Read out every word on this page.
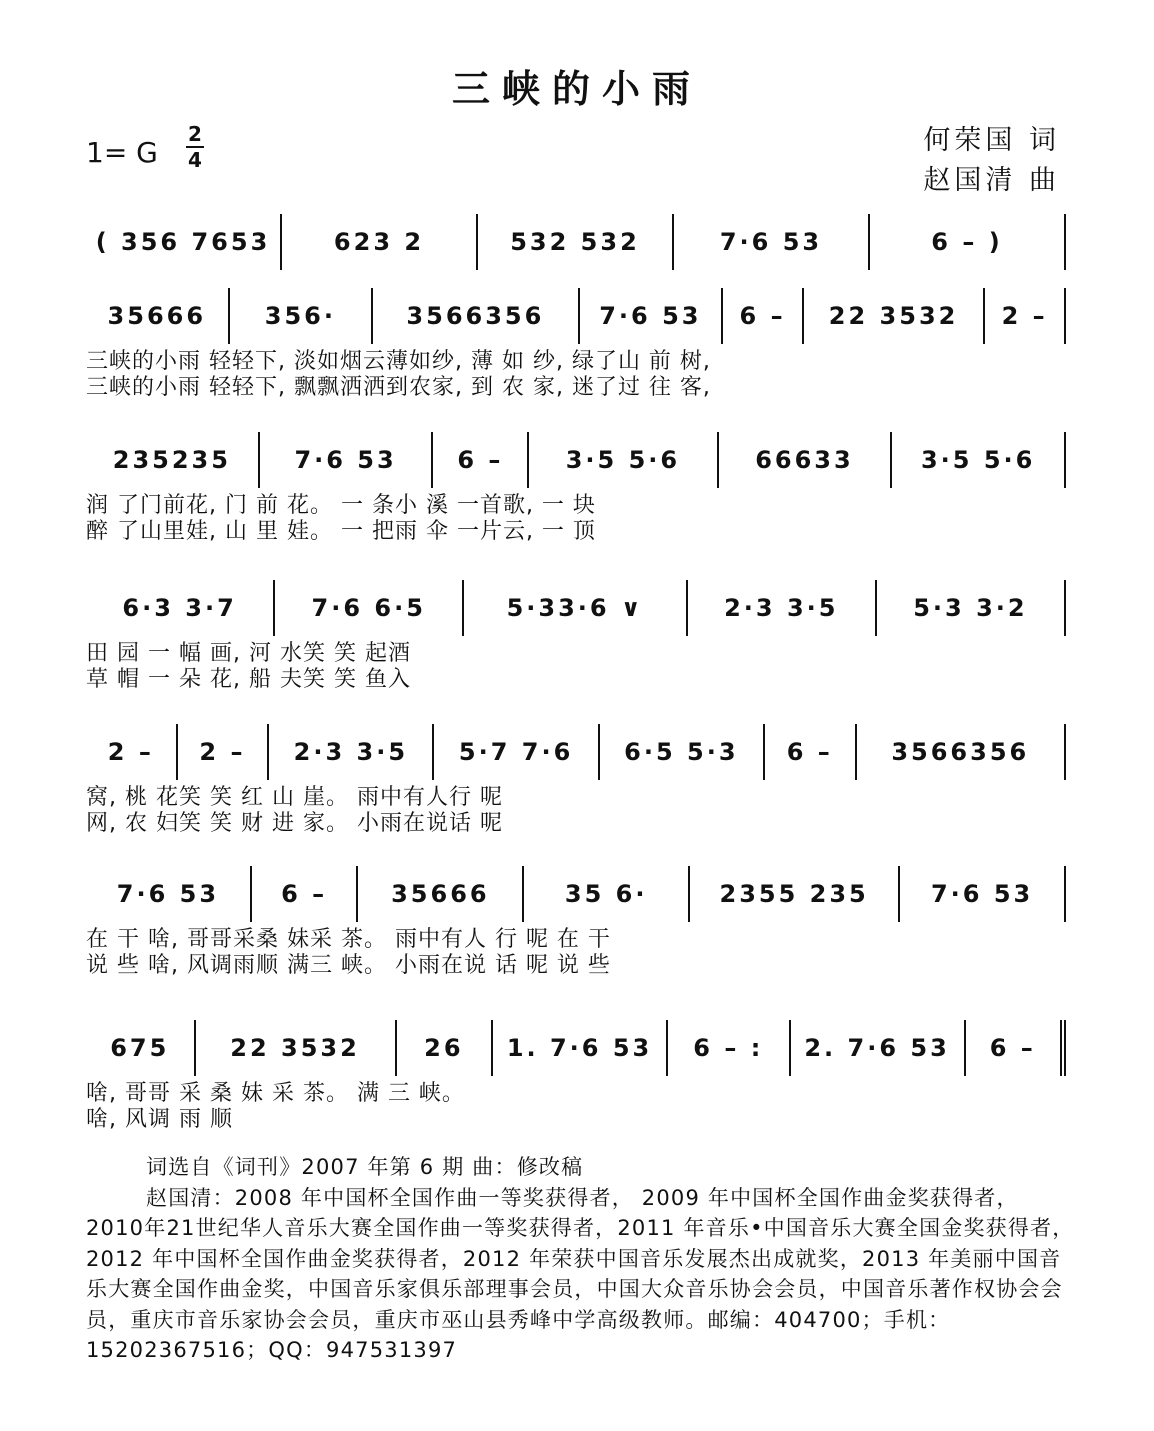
三峡的小雨
1= G
2
4
何荣国 词
赵国清 曲
( 356 7653	623 2	532 532	7·6 53	6 – )
35666	356·	3566356	7·6 53	6 –	22 3532	2 –
三峡的小雨 轻轻下, 淡如烟云薄如纱, 薄 如 纱, 绿了山 前 树,
三峡的小雨 轻轻下, 飘飘洒洒到农家, 到 农 家, 迷了过 往 客,
235235	7·6 53	6 –	3·5 5·6	66633	3·5 5·6
润 了门前花, 门 前 花。 一 条小 溪 一首歌, 一 块
醉 了山里娃, 山 里 娃。 一 把雨 伞 一片云, 一 顶
6·3 3·7	7·6 6·5	5·33·6 ∨	2·3 3·5	5·3 3·2
田 园 一 幅 画, 河 水笑 笑 起酒
草 帽 一 朵 花, 船 夫笑 笑 鱼入
2 –	2 –	2·3 3·5	5·7 7·6	6·5 5·3	6 –	3566356
窝, 桃 花笑 笑 红 山 崖。 雨中有人行 呢
网, 农 妇笑 笑 财 进 家。 小雨在说话 呢
7·6 53	6 –	35666	35 6·	2355 235	7·6 53
在 干 啥, 哥哥采桑 妹采 茶。 雨中有人 行 呢 在 干
说 些 啥, 风调雨顺 满三 峡。 小雨在说 话 呢 说 些
675	22 3532	26	1. 7·6 53	6 – :	2. 7·6 53	6 –
啥, 哥哥 采 桑 妹 采 茶。 满 三 峡。
啥, 风调 雨 顺
词选自《词刊》2007 年第 6 期 曲：修改稿
赵国清：2008 年中国杯全国作曲一等奖获得者， 2009 年中国杯全国作曲金奖获得者，2010年21世纪华人音乐大赛全国作曲一等奖获得者，2011 年音乐•中国音乐大赛全国金奖获得者，2012 年中国杯全国作曲金奖获得者，2012 年荣获中国音乐发展杰出成就奖，2013 年美丽中国音乐大赛全国作曲金奖，中国音乐家俱乐部理事会员，中国大众音乐协会会员，中国音乐著作权协会会员，重庆市音乐家协会会员，重庆市巫山县秀峰中学高级教师。邮编：404700；手机：15202367516；QQ：947531397
